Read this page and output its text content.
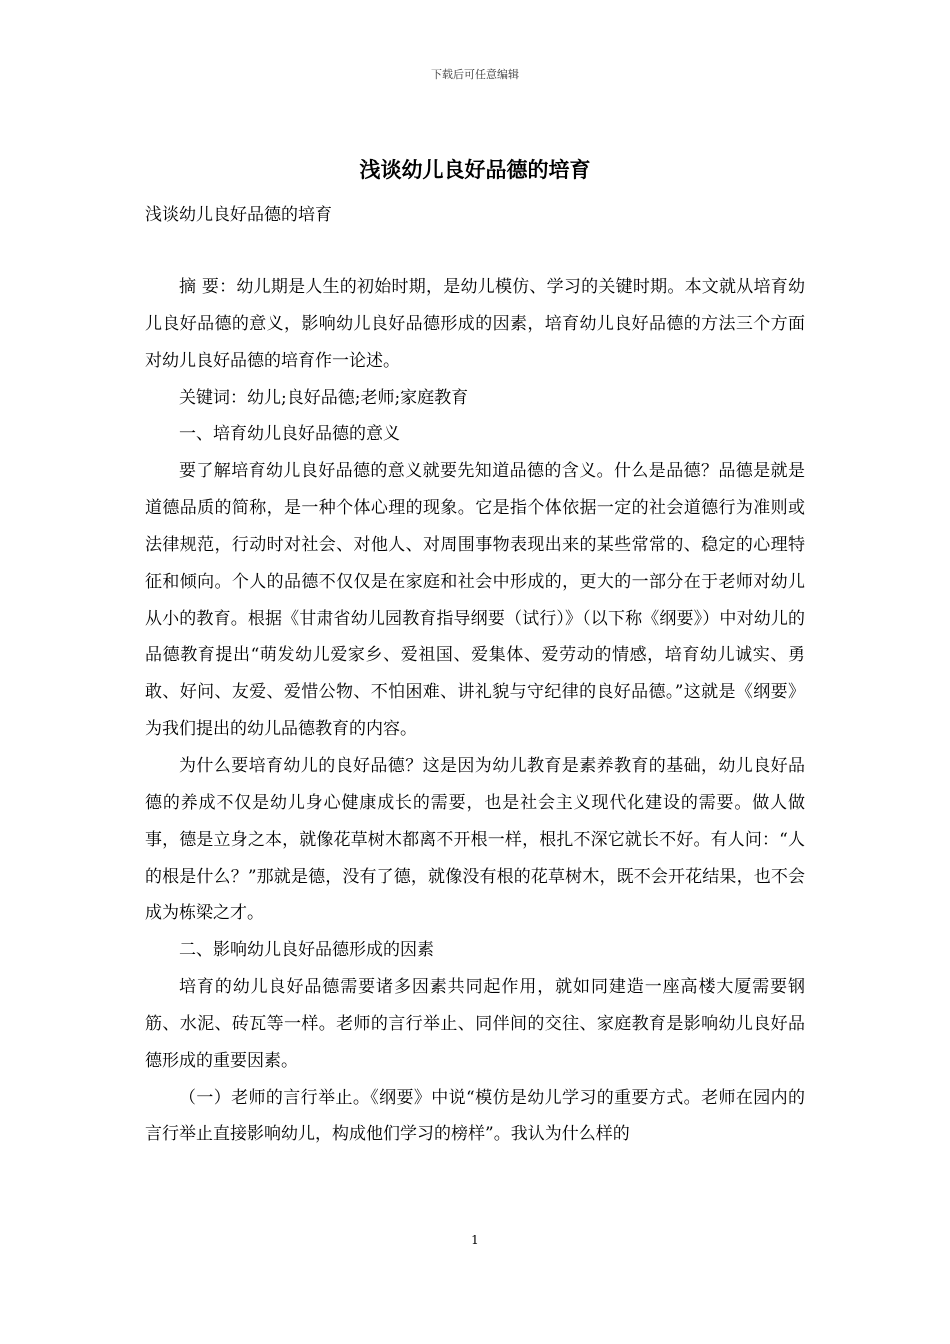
下载后可任意编辑
浅谈幼儿良好品德的培育
浅谈幼儿良好品德的培育

摘 要：幼儿期是人生的初始时期，是幼儿模仿、学习的关键时期。本文就从培育幼儿良好品德的意义，影响幼儿良好品德形成的因素，培育幼儿良好品德的方法三个方面对幼儿良好品德的培育作一论述。

关键词：幼儿;良好品德;老师;家庭教育

一、培育幼儿良好品德的意义

要了解培育幼儿良好品德的意义就要先知道品德的含义。什么是品德？品德是就是道德品质的简称，是一种个体心理的现象。它是指个体依据一定的社会道德行为准则或法律规范，行动时对社会、对他人、对周围事物表现出来的某些常常的、稳定的心理特征和倾向。个人的品德不仅仅是在家庭和社会中形成的，更大的一部分在于老师对幼儿从小的教育。根据《甘肃省幼儿园教育指导纲要（试行）》（以下称《纲要》）中对幼儿的品德教育提出“萌发幼儿爱家乡、爱祖国、爱集体、爱劳动的情感，培育幼儿诚实、勇敢、好问、友爱、爱惜公物、不怕困难、讲礼貌与守纪律的良好品德。”这就是《纲要》为我们提出的幼儿品德教育的内容。

为什么要培育幼儿的良好品德？这是因为幼儿教育是素养教育的基础，幼儿良好品德的养成不仅是幼儿身心健康成长的需要，也是社会主义现代化建设的需要。做人做事，德是立身之本，就像花草树木都离不开根一样，根扎不深它就长不好。有人问：“人的根是什么？”那就是德，没有了德，就像没有根的花草树木，既不会开花结果，也不会成为栋梁之才。

二、影响幼儿良好品德形成的因素

培育的幼儿良好品德需要诸多因素共同起作用，就如同建造一座高楼大厦需要钢筋、水泥、砖瓦等一样。老师的言行举止、同伴间的交往、家庭教育是影响幼儿良好品德形成的重要因素。

（一）老师的言行举止。《纲要》中说“模仿是幼儿学习的重要方式。老师在园内的言行举止直接影响幼儿，构成他们学习的榜样”。我认为什么样的

1
